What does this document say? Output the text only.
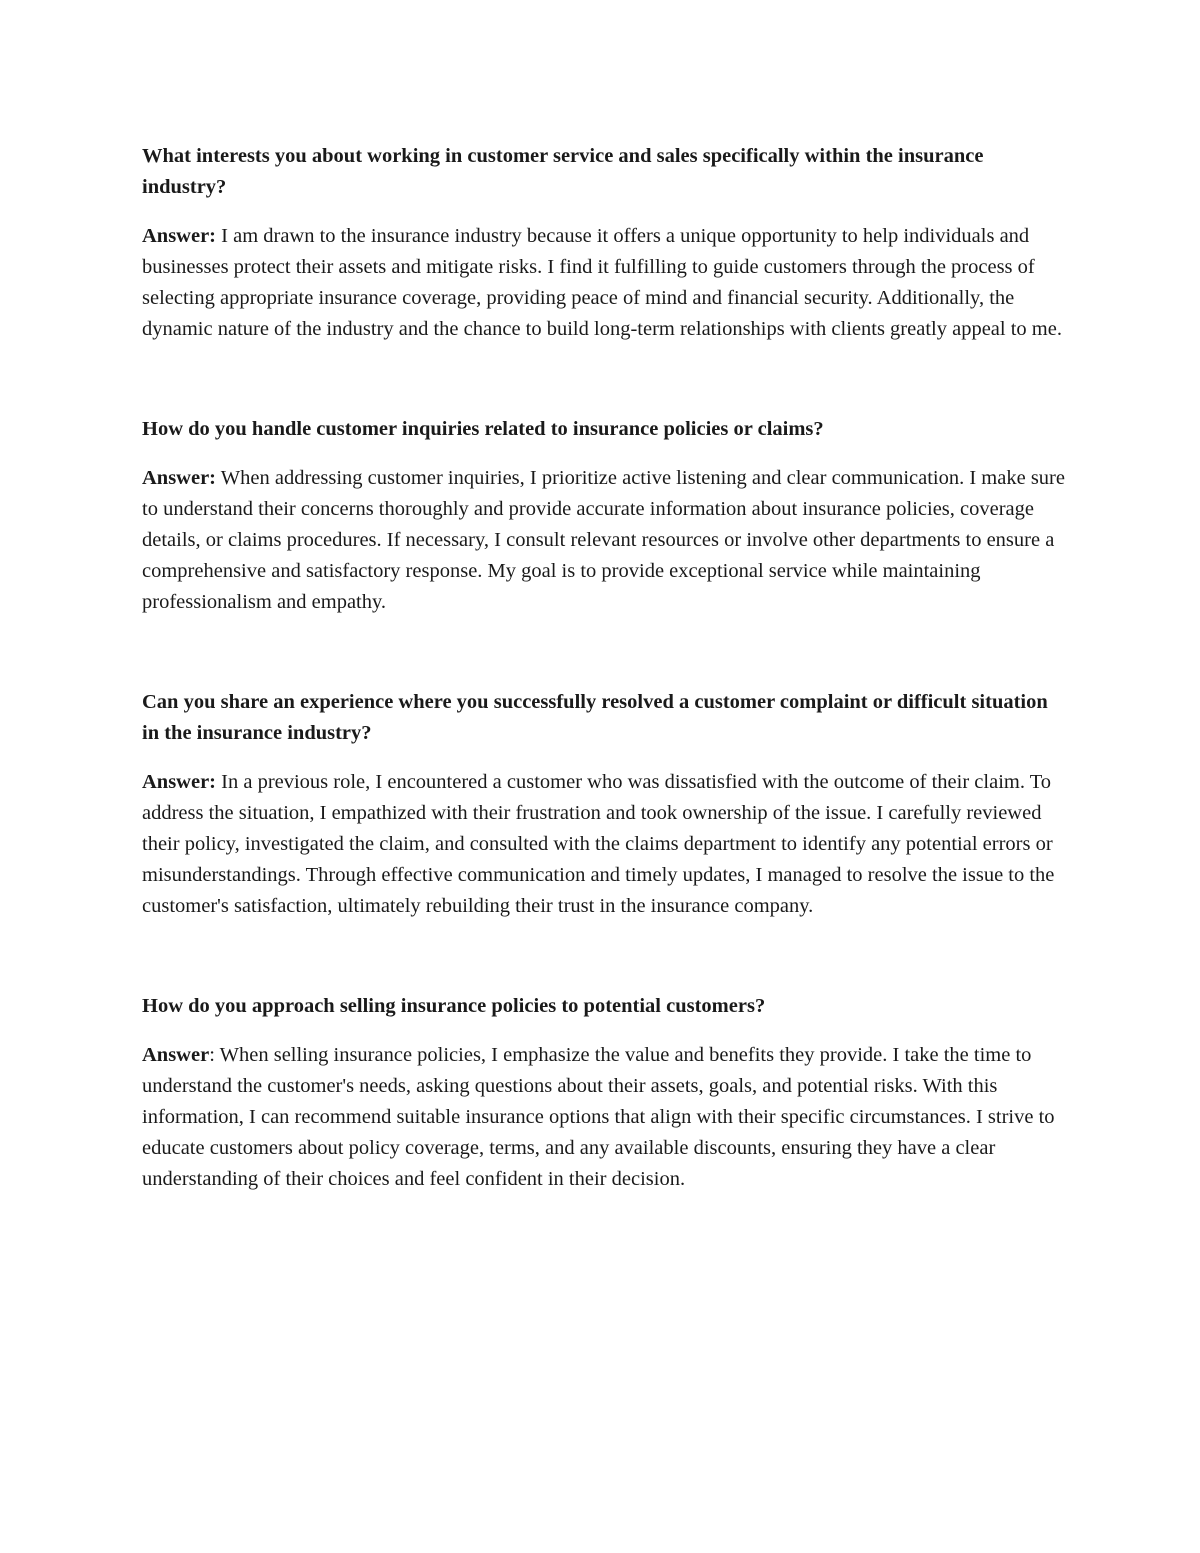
What interests you about working in customer service and sales specifically within the insurance industry?

Answer: I am drawn to the insurance industry because it offers a unique opportunity to help individuals and businesses protect their assets and mitigate risks. I find it fulfilling to guide customers through the process of selecting appropriate insurance coverage, providing peace of mind and financial security. Additionally, the dynamic nature of the industry and the chance to build long-term relationships with clients greatly appeal to me.

How do you handle customer inquiries related to insurance policies or claims?

Answer: When addressing customer inquiries, I prioritize active listening and clear communication. I make sure to understand their concerns thoroughly and provide accurate information about insurance policies, coverage details, or claims procedures. If necessary, I consult relevant resources or involve other departments to ensure a comprehensive and satisfactory response. My goal is to provide exceptional service while maintaining professionalism and empathy.

Can you share an experience where you successfully resolved a customer complaint or difficult situation in the insurance industry?

Answer: In a previous role, I encountered a customer who was dissatisfied with the outcome of their claim. To address the situation, I empathized with their frustration and took ownership of the issue. I carefully reviewed their policy, investigated the claim, and consulted with the claims department to identify any potential errors or misunderstandings. Through effective communication and timely updates, I managed to resolve the issue to the customer's satisfaction, ultimately rebuilding their trust in the insurance company.

How do you approach selling insurance policies to potential customers?

Answer: When selling insurance policies, I emphasize the value and benefits they provide. I take the time to understand the customer's needs, asking questions about their assets, goals, and potential risks. With this information, I can recommend suitable insurance options that align with their specific circumstances. I strive to educate customers about policy coverage, terms, and any available discounts, ensuring they have a clear understanding of their choices and feel confident in their decision.
